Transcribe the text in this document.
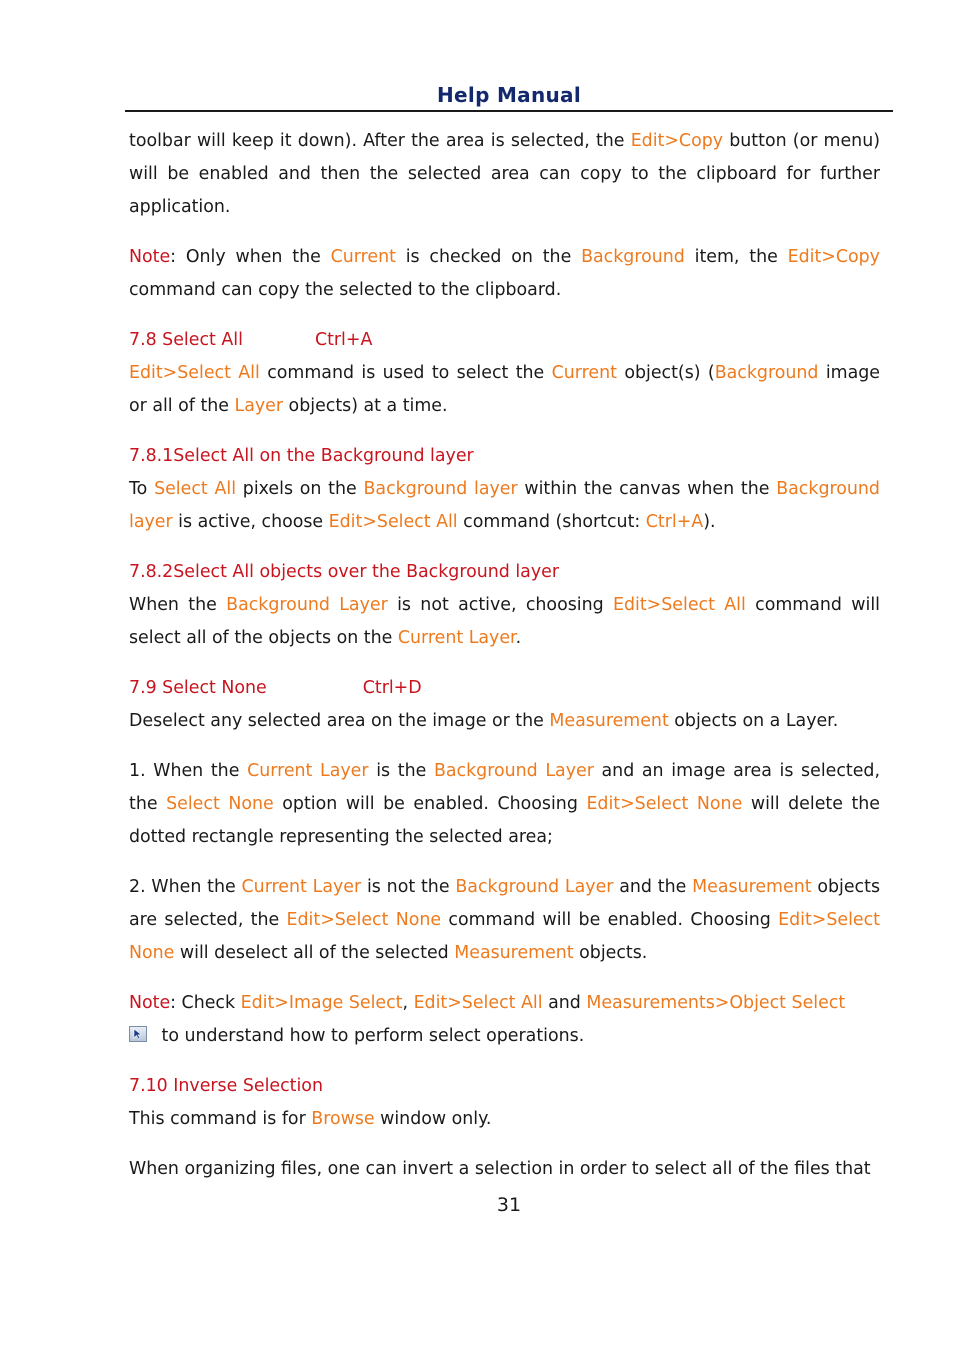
Help Manual

toolbar will keep it down). After the area is selected, the Edit>Copy button (or menu) will be enabled and then the selected area can copy to the clipboard for further application.

Note: Only when the Current is checked on the Background item, the Edit>Copy command can copy the selected to the clipboard.

7.8 Select All	Ctrl+A

Edit>Select All command is used to select the Current object(s) (Background image or all of the Layer objects) at a time.

7.8.1Select All on the Background layer

To Select All pixels on the Background layer within the canvas when the Background layer is active, choose Edit>Select All command (shortcut: Ctrl+A).

7.8.2Select All objects over the Background layer

When the Background Layer is not active, choosing Edit>Select All command will select all of the objects on the Current Layer.

7.9 Select None	Ctrl+D

Deselect any selected area on the image or the Measurement objects on a Layer.

1. When the Current Layer is the Background Layer and an image area is selected, the Select None option will be enabled. Choosing Edit>Select None will delete the dotted rectangle representing the selected area;

2. When the Current Layer is not the Background Layer and the Measurement objects are selected, the Edit>Select None command will be enabled. Choosing Edit>Select None will deselect all of the selected Measurement objects.

Note: Check Edit>Image Select, Edit>Select All and Measurements>Object Select

to understand how to perform select operations.

7.10 Inverse Selection

This command is for Browse window only.

When organizing files, one can invert a selection in order to select all of the files that

31
